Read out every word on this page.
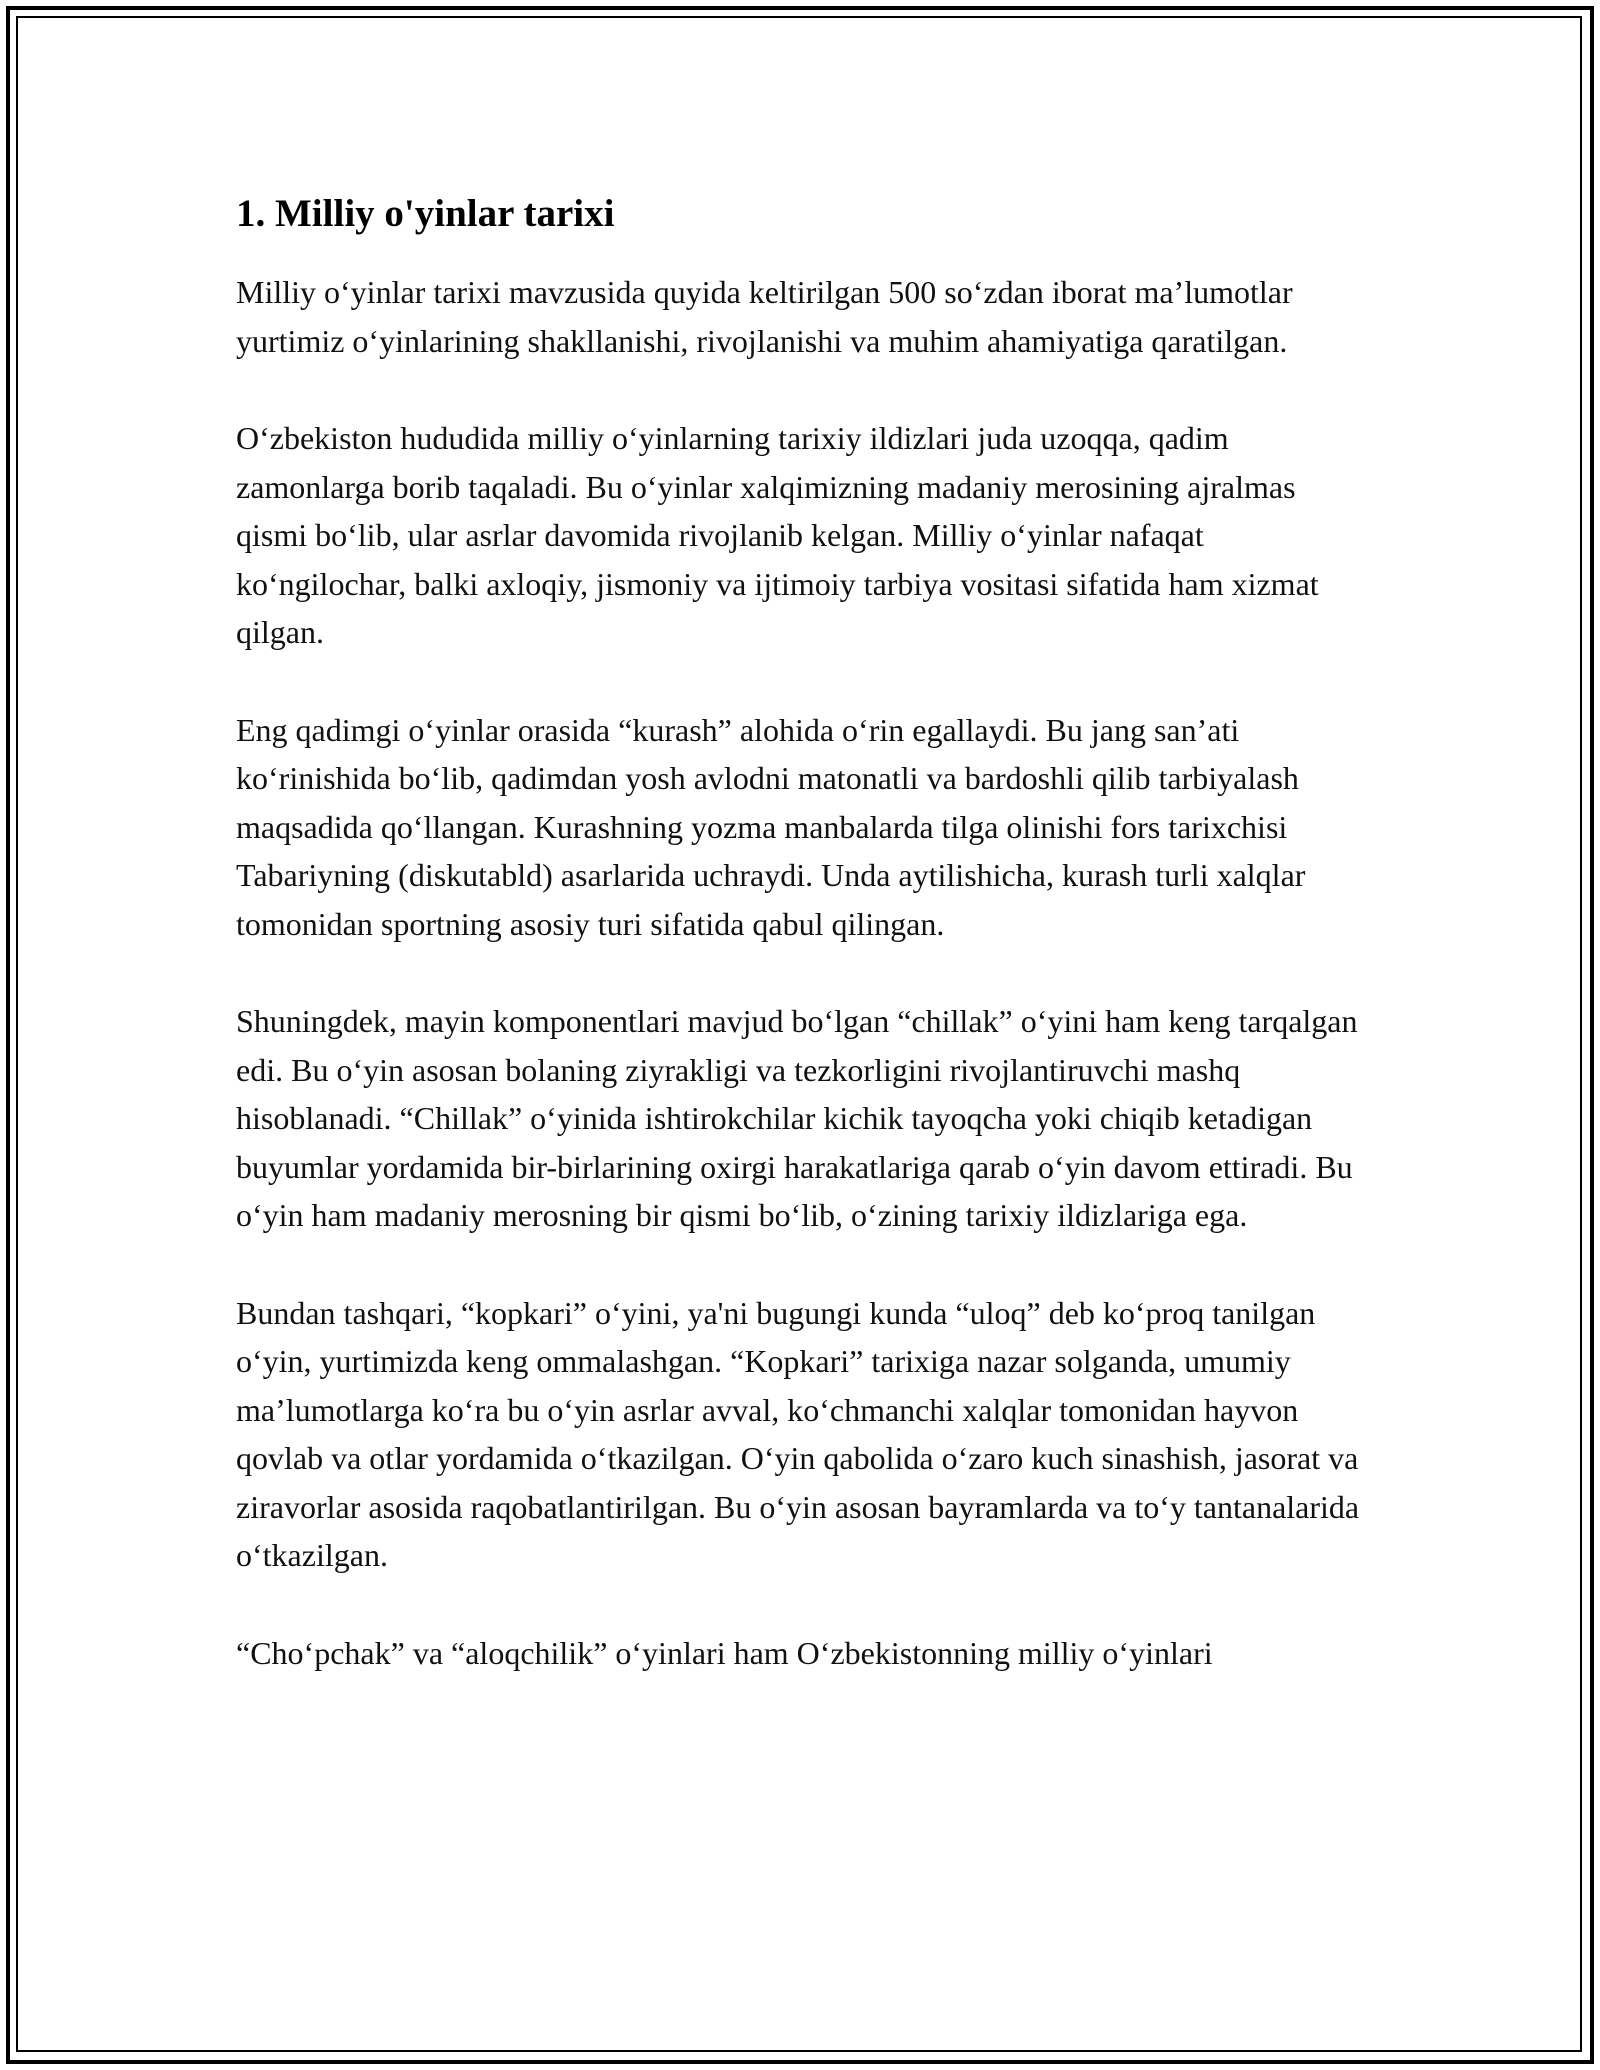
1. Milliy o'yinlar tarixi

Milliy o‘yinlar tarixi mavzusida quyida keltirilgan 500 so‘zdan iborat ma’lumotlar yurtimiz o‘yinlarining shakllanishi, rivojlanishi va muhim ahamiyatiga qaratilgan.

O‘zbekiston hududida milliy o‘yinlarning tarixiy ildizlari juda uzoqqa, qadim zamonlarga borib taqaladi. Bu o‘yinlar xalqimizning madaniy merosining ajralmas qismi bo‘lib, ular asrlar davomida rivojlanib kelgan. Milliy o‘yinlar nafaqat ko‘ngilochar, balki axloqiy, jismoniy va ijtimoiy tarbiya vositasi sifatida ham xizmat qilgan.

Eng qadimgi o‘yinlar orasida “kurash” alohida o‘rin egallaydi. Bu jang san’ati ko‘rinishida bo‘lib, qadimdan yosh avlodni matonatli va bardoshli qilib tarbiyalash maqsadida qo‘llangan. Kurashning yozma manbalarda tilga olinishi fors tarixchisi Tabariyning (diskutabld) asarlarida uchraydi. Unda aytilishicha, kurash turli xalqlar tomonidan sportning asosiy turi sifatida qabul qilingan.

Shuningdek, mayin komponentlari mavjud bo‘lgan “chillak” o‘yini ham keng tarqalgan edi. Bu o‘yin asosan bolaning ziyrakligi va tezkorligini rivojlantiruvchi mashq hisoblanadi. “Chillak” o‘yinida ishtirokchilar kichik tayoqcha yoki chiqib ketadigan buyumlar yordamida bir-birlarining oxirgi harakatlariga qarab o‘yin davom ettiradi. Bu o‘yin ham madaniy merosning bir qismi bo‘lib, o‘zining tarixiy ildizlariga ega.

Bundan tashqari, “kopkari” o‘yini, ya'ni bugungi kunda “uloq” deb ko‘proq tanilgan o‘yin, yurtimizda keng ommalashgan. “Kopkari” tarixiga nazar solganda, umumiy ma’lumotlarga ko‘ra bu o‘yin asrlar avval, ko‘chmanchi xalqlar tomonidan hayvon qovlab va otlar yordamida o‘tkazilgan. O‘yin qabolida o‘zaro kuch sinashish, jasorat va ziravorlar asosida raqobatlantirilgan. Bu o‘yin asosan bayramlarda va to‘y tantanalarida o‘tkazilgan.

“Cho‘pchak” va “aloqchilik” o‘yinlari ham O‘zbekistonning milliy o‘yinlari
